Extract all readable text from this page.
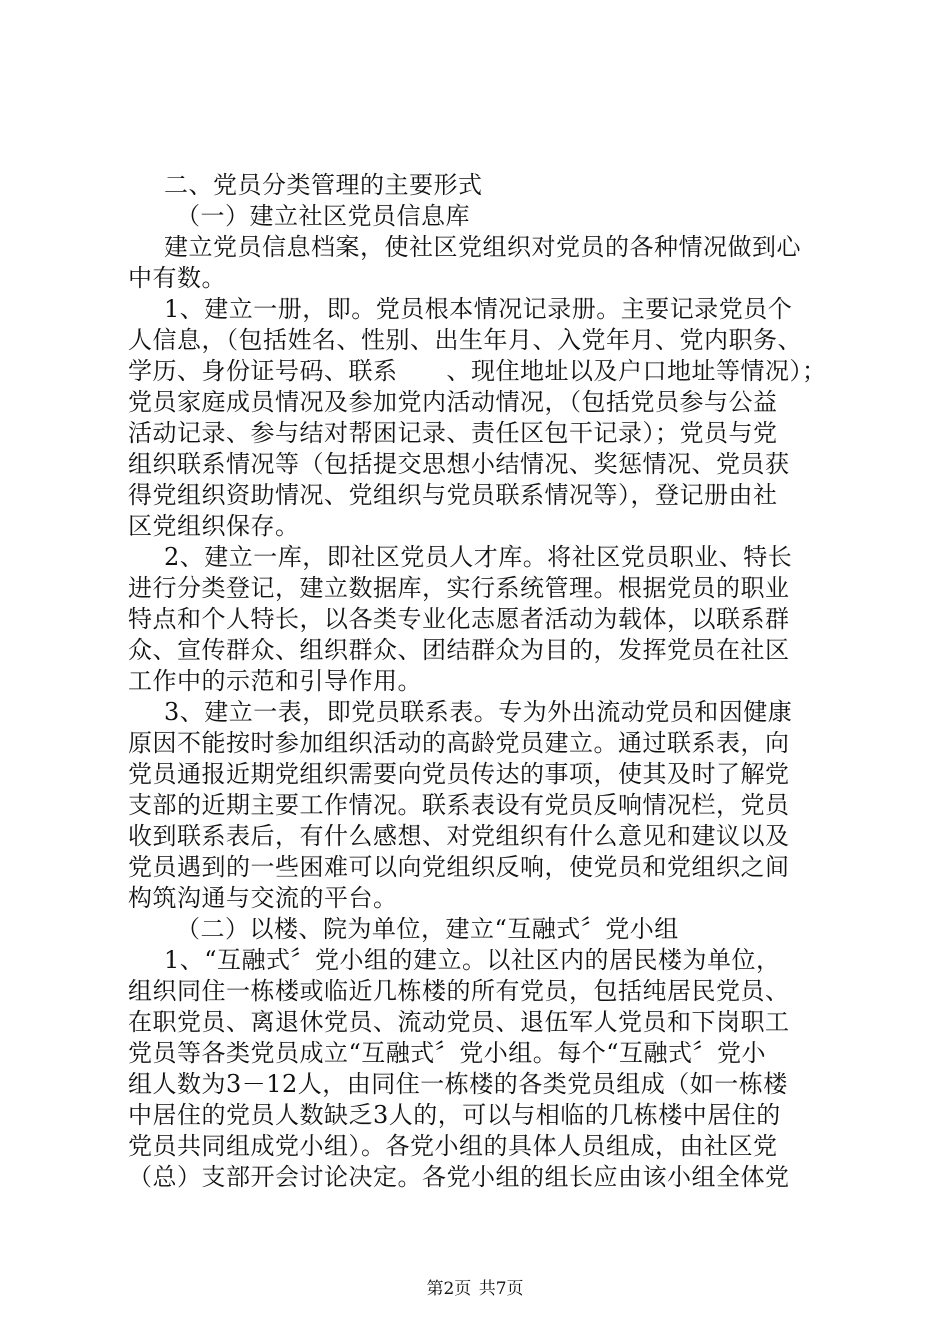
二、党员分类管理的主要形式
（一）建立社区党员信息库
建立党员信息档案，使社区党组织对党员的各种情况做到心
中有数。
1、建立一册，即。党员根本情况记录册。主要记录党员个
人信息，（包括姓名、性别、出生年月、入党年月、党内职务、
学历、身份证号码、联系　　、现住地址以及户口地址等情况）；
党员家庭成员情况及参加党内活动情况，（包括党员参与公益
活动记录、参与结对帮困记录、责任区包干记录）；党员与党
组织联系情况等（包括提交思想小结情况、奖惩情况、党员获
得党组织资助情况、党组织与党员联系情况等），登记册由社
区党组织保存。
2、建立一库，即社区党员人才库。将社区党员职业、特长
进行分类登记，建立数据库，实行系统管理。根据党员的职业
特点和个人特长，以各类专业化志愿者活动为载体，以联系群
众、宣传群众、组织群众、团结群众为目的，发挥党员在社区
工作中的示范和引导作用。
3、建立一表，即党员联系表。专为外出流动党员和因健康
原因不能按时参加组织活动的高龄党员建立。通过联系表，向
党员通报近期党组织需要向党员传达的事项，使其及时了解党
支部的近期主要工作情况。联系表设有党员反响情况栏，党员
收到联系表后，有什么感想、对党组织有什么意见和建议以及
党员遇到的一些困难可以向党组织反响，使党员和党组织之间
构筑沟通与交流的平台。
（二）以楼、院为单位，建立“互融式〞党小组
1、“互融式〞党小组的建立。以社区内的居民楼为单位，
组织同住一栋楼或临近几栋楼的所有党员，包括纯居民党员、
在职党员、离退休党员、流动党员、退伍军人党员和下岗职工
党员等各类党员成立“互融式〞党小组。每个“互融式〞党小
组人数为3－12人，由同住一栋楼的各类党员组成（如一栋楼
中居住的党员人数缺乏3人的，可以与相临的几栋楼中居住的
党员共同组成党小组）。各党小组的具体人员组成，由社区党
（总）支部开会讨论决定。各党小组的组长应由该小组全体党
第2页 共7页
